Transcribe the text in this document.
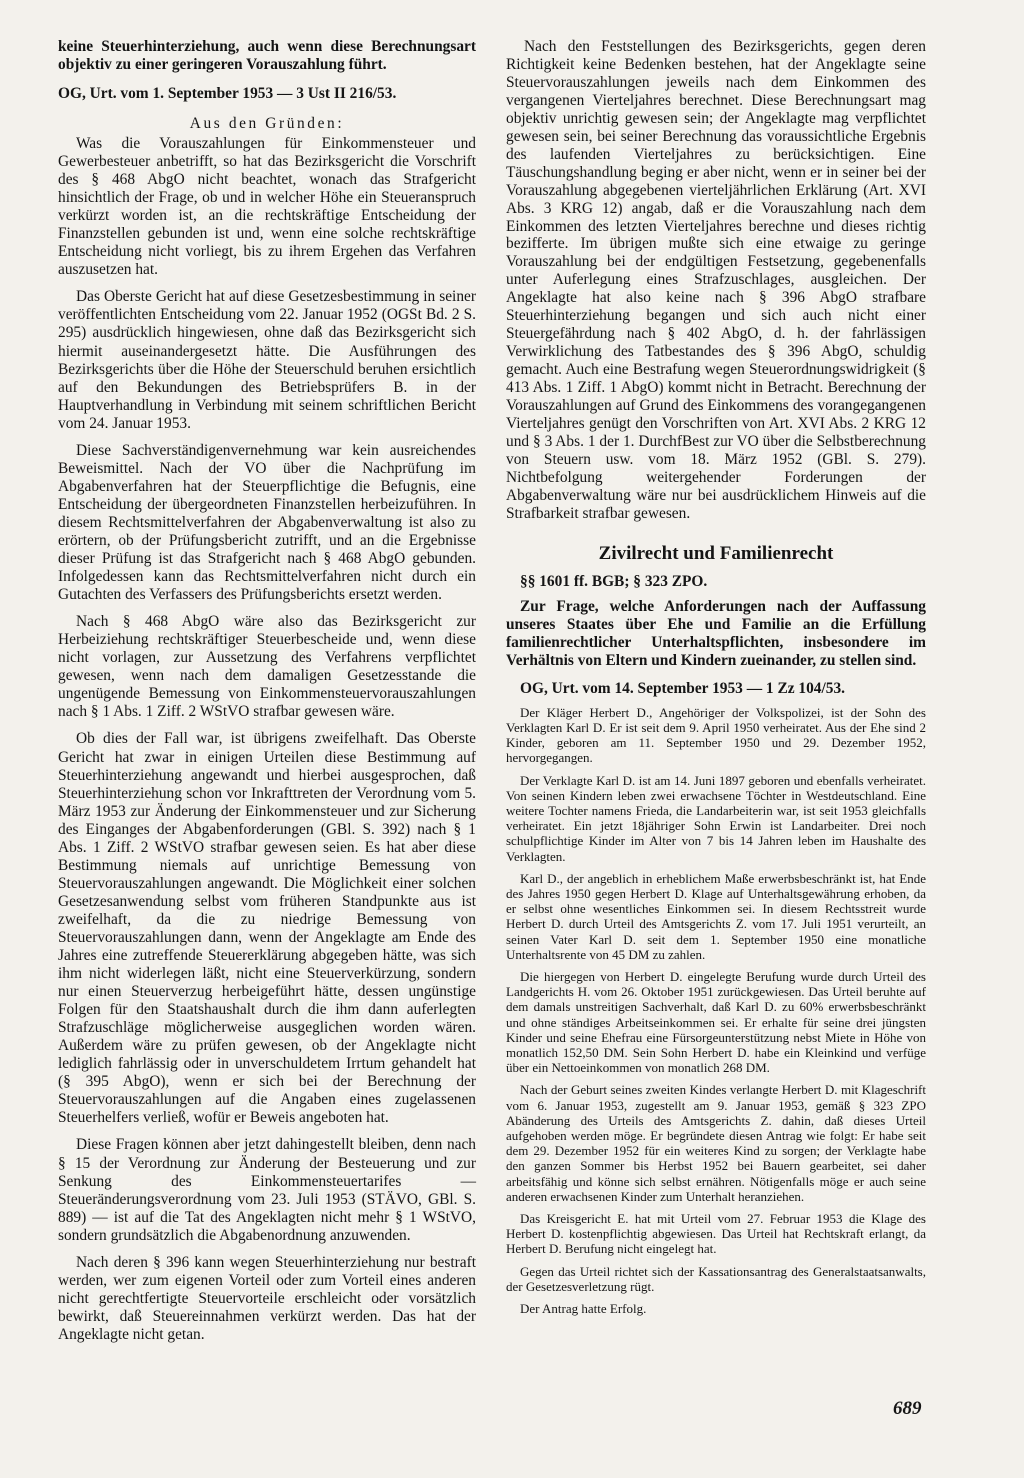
keine Steuerhinterziehung, auch wenn diese Berechnungsart objektiv zu einer geringeren Vorauszahlung führt.

OG, Urt. vom 1. September 1953 — 3 Ust II 216/53.

Aus den Gründen:

Was die Vorauszahlungen für Einkommensteuer und Gewerbesteuer anbetrifft, so hat das Bezirksgericht die Vorschrift des § 468 AbgO nicht beachtet, wonach das Strafgericht hinsichtlich der Frage, ob und in welcher Höhe ein Steueranspruch verkürzt worden ist, an die rechtskräftige Entscheidung der Finanzstellen gebunden ist und, wenn eine solche rechtskräftige Entscheidung nicht vorliegt, bis zu ihrem Ergehen das Verfahren auszusetzen hat.

Das Oberste Gericht hat auf diese Gesetzesbestimmung in seiner veröffentlichten Entscheidung vom 22. Januar 1952 (OGSt Bd. 2 S. 295) ausdrücklich hingewiesen, ohne daß das Bezirksgericht sich hiermit auseinandergesetzt hätte. Die Ausführungen des Bezirksgerichts über die Höhe der Steuerschuld beruhen ersichtlich auf den Bekundungen des Betriebsprüfers B. in der Hauptverhandlung in Verbindung mit seinem schriftlichen Bericht vom 24. Januar 1953.

Diese Sachverständigenvernehmung war kein ausreichendes Beweismittel. Nach der VO über die Nachprüfung im Abgabenverfahren hat der Steuerpflichtige die Befugnis, eine Entscheidung der übergeordneten Finanzstellen herbeizuführen. In diesem Rechtsmittelverfahren der Abgabenverwaltung ist also zu erörtern, ob der Prüfungsbericht zutrifft, und an die Ergebnisse dieser Prüfung ist das Strafgericht nach § 468 AbgO gebunden. Infolgedessen kann das Rechtsmittelverfahren nicht durch ein Gutachten des Verfassers des Prüfungsberichts ersetzt werden.

Nach § 468 AbgO wäre also das Bezirksgericht zur Herbeiziehung rechtskräftiger Steuerbescheide und, wenn diese nicht vorlagen, zur Aussetzung des Verfahrens verpflichtet gewesen, wenn nach dem damaligen Gesetzesstande die ungenügende Bemessung von Einkommensteuervorauszahlungen nach § 1 Abs. 1 Ziff. 2 WStVO strafbar gewesen wäre.

Ob dies der Fall war, ist übrigens zweifelhaft. Das Oberste Gericht hat zwar in einigen Urteilen diese Bestimmung auf Steuerhinterziehung angewandt und hierbei ausgesprochen, daß Steuerhinterziehung schon vor Inkrafttreten der Verordnung vom 5. März 1953 zur Änderung der Einkommensteuer und zur Sicherung des Einganges der Abgabenforderungen (GBl. S. 392) nach § 1 Abs. 1 Ziff. 2 WStVO strafbar gewesen seien. Es hat aber diese Bestimmung niemals auf unrichtige Bemessung von Steuervorauszahlungen angewandt. Die Möglichkeit einer solchen Gesetzesanwendung selbst vom früheren Standpunkte aus ist zweifelhaft, da die zu niedrige Bemessung von Steuervorauszahlungen dann, wenn der Angeklagte am Ende des Jahres eine zutreffende Steuererklärung abgegeben hätte, was sich ihm nicht widerlegen läßt, nicht eine Steuerverkürzung, sondern nur einen Steuerverzug herbeigeführt hätte, dessen ungünstige Folgen für den Staatshaushalt durch die ihm dann auferlegten Strafzuschläge möglicherweise ausgeglichen worden wären. Außerdem wäre zu prüfen gewesen, ob der Angeklagte nicht lediglich fahrlässig oder in unverschuldetem Irrtum gehandelt hat (§ 395 AbgO), wenn er sich bei der Berechnung der Steuervorauszahlungen auf die Angaben eines zugelassenen Steuerhelfers verließ, wofür er Beweis angeboten hat.

Diese Fragen können aber jetzt dahingestellt bleiben, denn nach § 15 der Verordnung zur Änderung der Besteuerung und zur Senkung des Einkommensteuertarifes — Steueränderungsverordnung vom 23. Juli 1953 (STÄVO, GBl. S. 889) — ist auf die Tat des Angeklagten nicht mehr § 1 WStVO, sondern grundsätzlich die Abgabenordnung anzuwenden.

Nach deren § 396 kann wegen Steuerhinterziehung nur bestraft werden, wer zum eigenen Vorteil oder zum Vorteil eines anderen nicht gerechtfertigte Steuervorteile erschleicht oder vorsätzlich bewirkt, daß Steuereinnahmen verkürzt werden. Das hat der Angeklagte nicht getan.

Nach den Feststellungen des Bezirksgerichts, gegen deren Richtigkeit keine Bedenken bestehen, hat der Angeklagte seine Steuervorauszahlungen jeweils nach dem Einkommen des vergangenen Vierteljahres berechnet. Diese Berechnungsart mag objektiv unrichtig gewesen sein; der Angeklagte mag verpflichtet gewesen sein, bei seiner Berechnung das voraussichtliche Ergebnis des laufenden Vierteljahres zu berücksichtigen. Eine Täuschungshandlung beging er aber nicht, wenn er in seiner bei der Vorauszahlung abgegebenen vierteljährlichen Erklärung (Art. XVI Abs. 3 KRG 12) angab, daß er die Vorauszahlung nach dem Einkommen des letzten Vierteljahres berechne und dieses richtig bezifferte. Im übrigen mußte sich eine etwaige zu geringe Vorauszahlung bei der endgültigen Festsetzung, gegebenenfalls unter Auferlegung eines Strafzuschlages, ausgleichen. Der Angeklagte hat also keine nach § 396 AbgO strafbare Steuerhinterziehung begangen und sich auch nicht einer Steuergefährdung nach § 402 AbgO, d. h. der fahrlässigen Verwirklichung des Tatbestandes des § 396 AbgO, schuldig gemacht. Auch eine Bestrafung wegen Steuerordnungswidrigkeit (§ 413 Abs. 1 Ziff. 1 AbgO) kommt nicht in Betracht. Berechnung der Vorauszahlungen auf Grund des Einkommens des vorangegangenen Vierteljahres genügt den Vorschriften von Art. XVI Abs. 2 KRG 12 und § 3 Abs. 1 der 1. DurchfBest zur VO über die Selbstberechnung von Steuern usw. vom 18. März 1952 (GBl. S. 279). Nichtbefolgung weitergehender Forderungen der Abgabenverwaltung wäre nur bei ausdrücklichem Hinweis auf die Strafbarkeit strafbar gewesen.

Zivilrecht und Familienrecht

§§ 1601 ff. BGB; § 323 ZPO.

Zur Frage, welche Anforderungen nach der Auffassung unseres Staates über Ehe und Familie an die Erfüllung familienrechtlicher Unterhaltspflichten, insbesondere im Verhältnis von Eltern und Kindern zueinander, zu stellen sind.

OG, Urt. vom 14. September 1953 — 1 Zz 104/53.

Der Kläger Herbert D., Angehöriger der Volkspolizei, ist der Sohn des Verklagten Karl D. Er ist seit dem 9. April 1950 verheiratet. Aus der Ehe sind 2 Kinder, geboren am 11. September 1950 und 29. Dezember 1952, hervorgegangen.

Der Verklagte Karl D. ist am 14. Juni 1897 geboren und ebenfalls verheiratet. Von seinen Kindern leben zwei erwachsene Töchter in Westdeutschland. Eine weitere Tochter namens Frieda, die Landarbeiterin war, ist seit 1953 gleichfalls verheiratet. Ein jetzt 18jähriger Sohn Erwin ist Landarbeiter. Drei noch schulpflichtige Kinder im Alter von 7 bis 14 Jahren leben im Haushalte des Verklagten.

Karl D., der angeblich in erheblichem Maße erwerbsbeschränkt ist, hat Ende des Jahres 1950 gegen Herbert D. Klage auf Unterhaltsgewährung erhoben, da er selbst ohne wesentliches Einkommen sei. In diesem Rechtsstreit wurde Herbert D. durch Urteil des Amtsgerichts Z. vom 17. Juli 1951 verurteilt, an seinen Vater Karl D. seit dem 1. September 1950 eine monatliche Unterhaltsrente von 45 DM zu zahlen.

Die hiergegen von Herbert D. eingelegte Berufung wurde durch Urteil des Landgerichts H. vom 26. Oktober 1951 zurückgewiesen. Das Urteil beruhte auf dem damals unstreitigen Sachverhalt, daß Karl D. zu 60% erwerbsbeschränkt und ohne ständiges Arbeitseinkommen sei. Er erhalte für seine drei jüngsten Kinder und seine Ehefrau eine Fürsorgeunterstützung nebst Miete in Höhe von monatlich 152,50 DM. Sein Sohn Herbert D. habe ein Kleinkind und verfüge über ein Nettoeinkommen von monatlich 268 DM.

Nach der Geburt seines zweiten Kindes verlangte Herbert D. mit Klageschrift vom 6. Januar 1953, zugestellt am 9. Januar 1953, gemäß § 323 ZPO Abänderung des Urteils des Amtsgerichts Z. dahin, daß dieses Urteil aufgehoben werden möge. Er begründete diesen Antrag wie folgt: Er habe seit dem 29. Dezember 1952 für ein weiteres Kind zu sorgen; der Verklagte habe den ganzen Sommer bis Herbst 1952 bei Bauern gearbeitet, sei daher arbeitsfähig und könne sich selbst ernähren. Nötigenfalls möge er auch seine anderen erwachsenen Kinder zum Unterhalt heranziehen.

Das Kreisgericht E. hat mit Urteil vom 27. Februar 1953 die Klage des Herbert D. kostenpflichtig abgewiesen. Das Urteil hat Rechtskraft erlangt, da Herbert D. Berufung nicht eingelegt hat.

Gegen das Urteil richtet sich der Kassationsantrag des Generalstaatsanwalts, der Gesetzesverletzung rügt.

Der Antrag hatte Erfolg.

689
